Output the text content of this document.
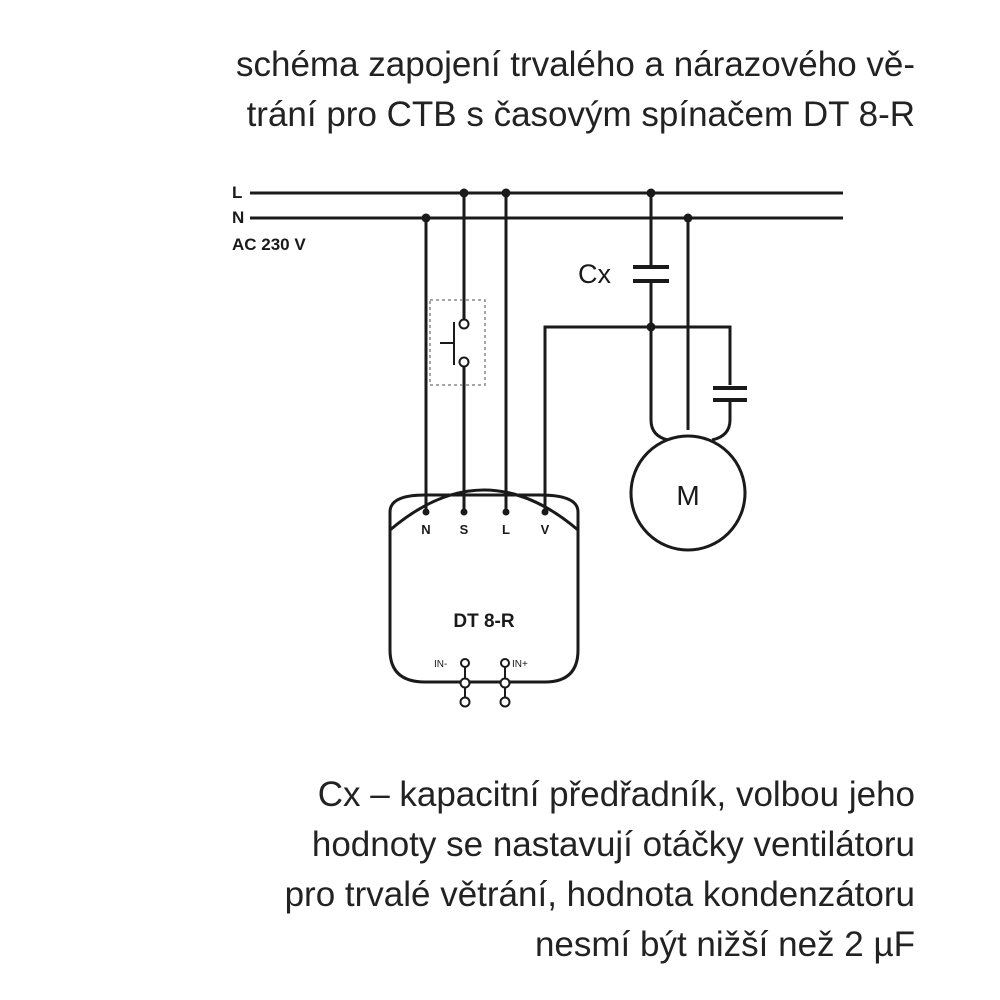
schéma zapojení trvalého a nárazového vě-
trání pro CTB s časovým spínačem DT 8-R
L
N
AC 230 V
Cx
M
N S	L V
DT 8-R
IN-	IN+
Cx – kapacitní předřadník, volbou jeho
hodnoty se nastavují otáčky ventilátoru
pro trvalé větrání, hodnota kondenzátoru
nesmí být nižší než 2 µF
